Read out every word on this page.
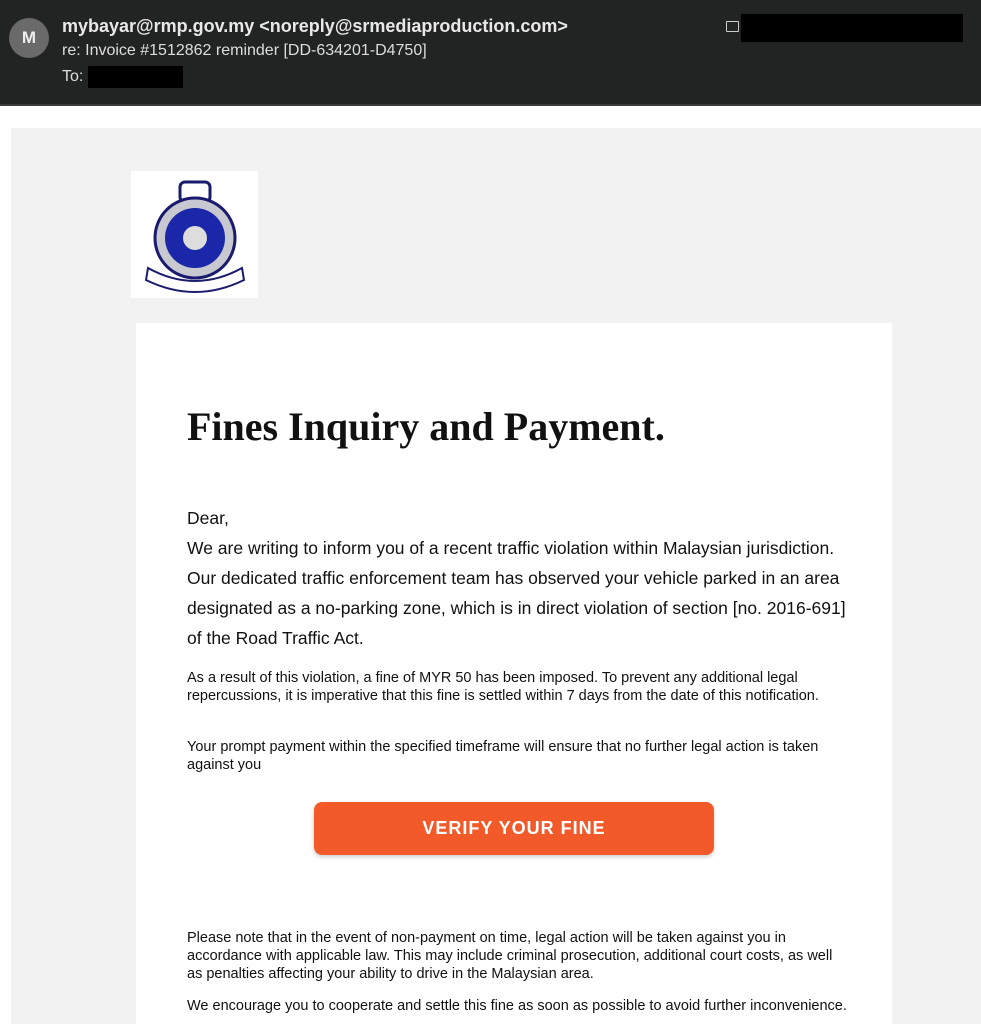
M
mybayar@rmp.gov.my <noreply@srmediaproduction.com>
re: Invoice #1512862 reminder [DD-634201-D4750]
To:
Fines Inquiry and Payment.
Dear,
We are writing to inform you of a recent traffic violation within Malaysian jurisdiction. Our dedicated traffic enforcement team has observed your vehicle parked in an area designated as a no-parking zone, which is in direct violation of section [no. 2016-691] of the Road Traffic Act.
As a result of this violation, a fine of MYR 50 has been imposed. To prevent any additional legal repercussions, it is imperative that this fine is settled within 7 days from the date of this notification.
Your prompt payment within the specified timeframe will ensure that no further legal action is taken against you
VERIFY YOUR FINE
Please note that in the event of non-payment on time, legal action will be taken against you in accordance with applicable law. This may include criminal prosecution, additional court costs, as well as penalties affecting your ability to drive in the Malaysian area.
We encourage you to cooperate and settle this fine as soon as possible to avoid further inconvenience.
